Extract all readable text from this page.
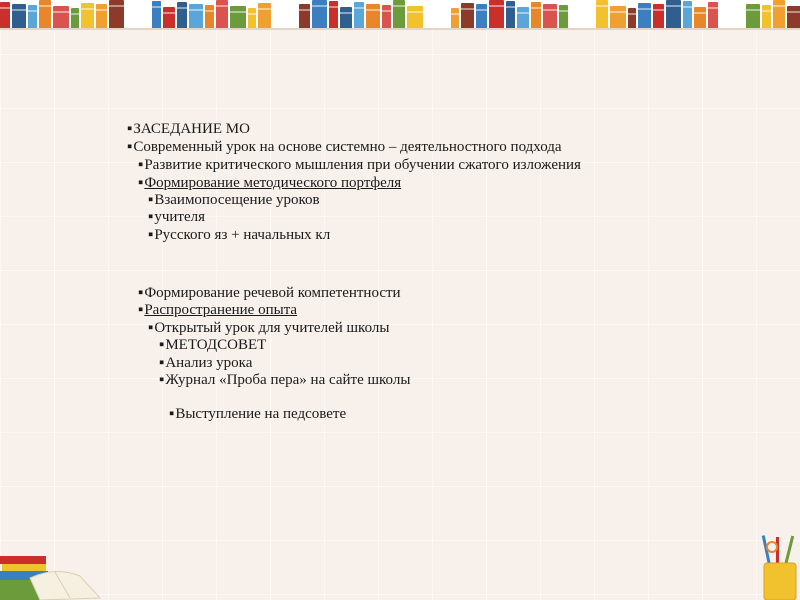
▪ЗАСЕДАНИЕ МО
▪Современный урок на основе системно – деятельностного подхода
▪Развитие критического мышления при обучении сжатого изложения
▪Формирование методического портфеля
▪Взаимопосещение уроков
▪учителя
▪Русского яз + начальных кл
▪Формирование речевой компетентности
▪Распространение опыта
▪Открытый урок для учителей школы
▪МЕТОДСОВЕТ
▪Анализ урока
▪Журнал «Проба пера» на сайте школы
▪Выступление на педсовете
